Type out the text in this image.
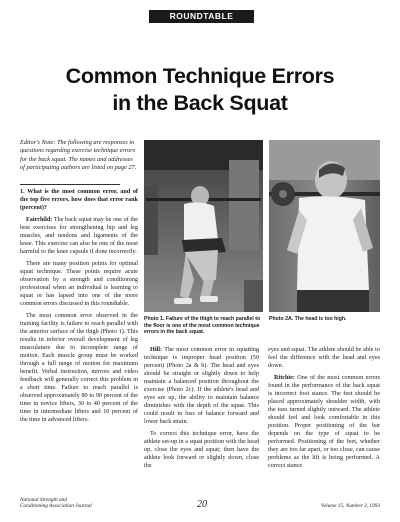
ROUNDTABLE
Common Technique Errors
in the Back Squat
Editor's Note: The following are responses to questions regarding exercise technique errors for the back squat. The names and addresses of participating authors are listed on page 27.

1. What is the most common error, and of the top five errors, how does that error rank (percent)?

Fairchild: The back squat may be one of the best exercises for strengthening hip and leg muscles, and tendons and ligaments of the knee. This exercise can also be one of the most harmful to the knee capsule if done incorrectly.

There are many position points for optimal squat technique. These points require acute observation by a strength and conditioning professional when an individual is learning to squat or has lapsed into one of the more common errors discussed in this roundtable.

The most common error observed in the training facility is failure to reach parallel with the anterior surface of the thigh (Photo 1). This results in inferior overall development of leg musculature due to incomplete range of motion. Each muscle group must be worked through a full range of motion for maximum benefit. Verbal instruction, mirrors and video feedback will generally correct this problem in a short time. Failure to reach parallel is observed approximately 80 to 90 percent of the time in novice lifters, 30 to 40 percent of the time in intermediate lifters and 10 percent of the time in advanced lifters.

Photo 1. Failure of the thigh to reach parallel to the floor is one of the most common technique errors in the back squat.
Photo 2A. The head is too high.

Hill: The most common error in squatting technique is improper head position (50 percent) (Photo 2a & b). The head and eyes should be straight or slightly down to help maintain a balanced position throughout the exercise (Photo 2c). If the athlete's head and eyes are up, the ability to maintain balance diminishes with the depth of the squat. This could result in loss of balance forward and lower back strain.

To correct this technique error, have the athlete set-up in a squat position with the head up, close the eyes and squat; then have the athlete look forward or slightly down, close the

eyes and squat. The athlete should be able to feel the difference with the head and eyes down.

Ritchie: One of the most common errors found in the performance of the back squat is incorrect foot stance. The feet should be placed approximately shoulder width, with the toes turned slightly outward. The athlete should feel and look comfortable in this position. Proper positioning of the bar depends on the type of squat to be performed. Positioning of the feet, whether they are too far apart, or too close, can cause problems as the lift is being performed. A correct stance

National Strength and
Conditioning Association Journal	20	Volume 15, Number 3, 1993
